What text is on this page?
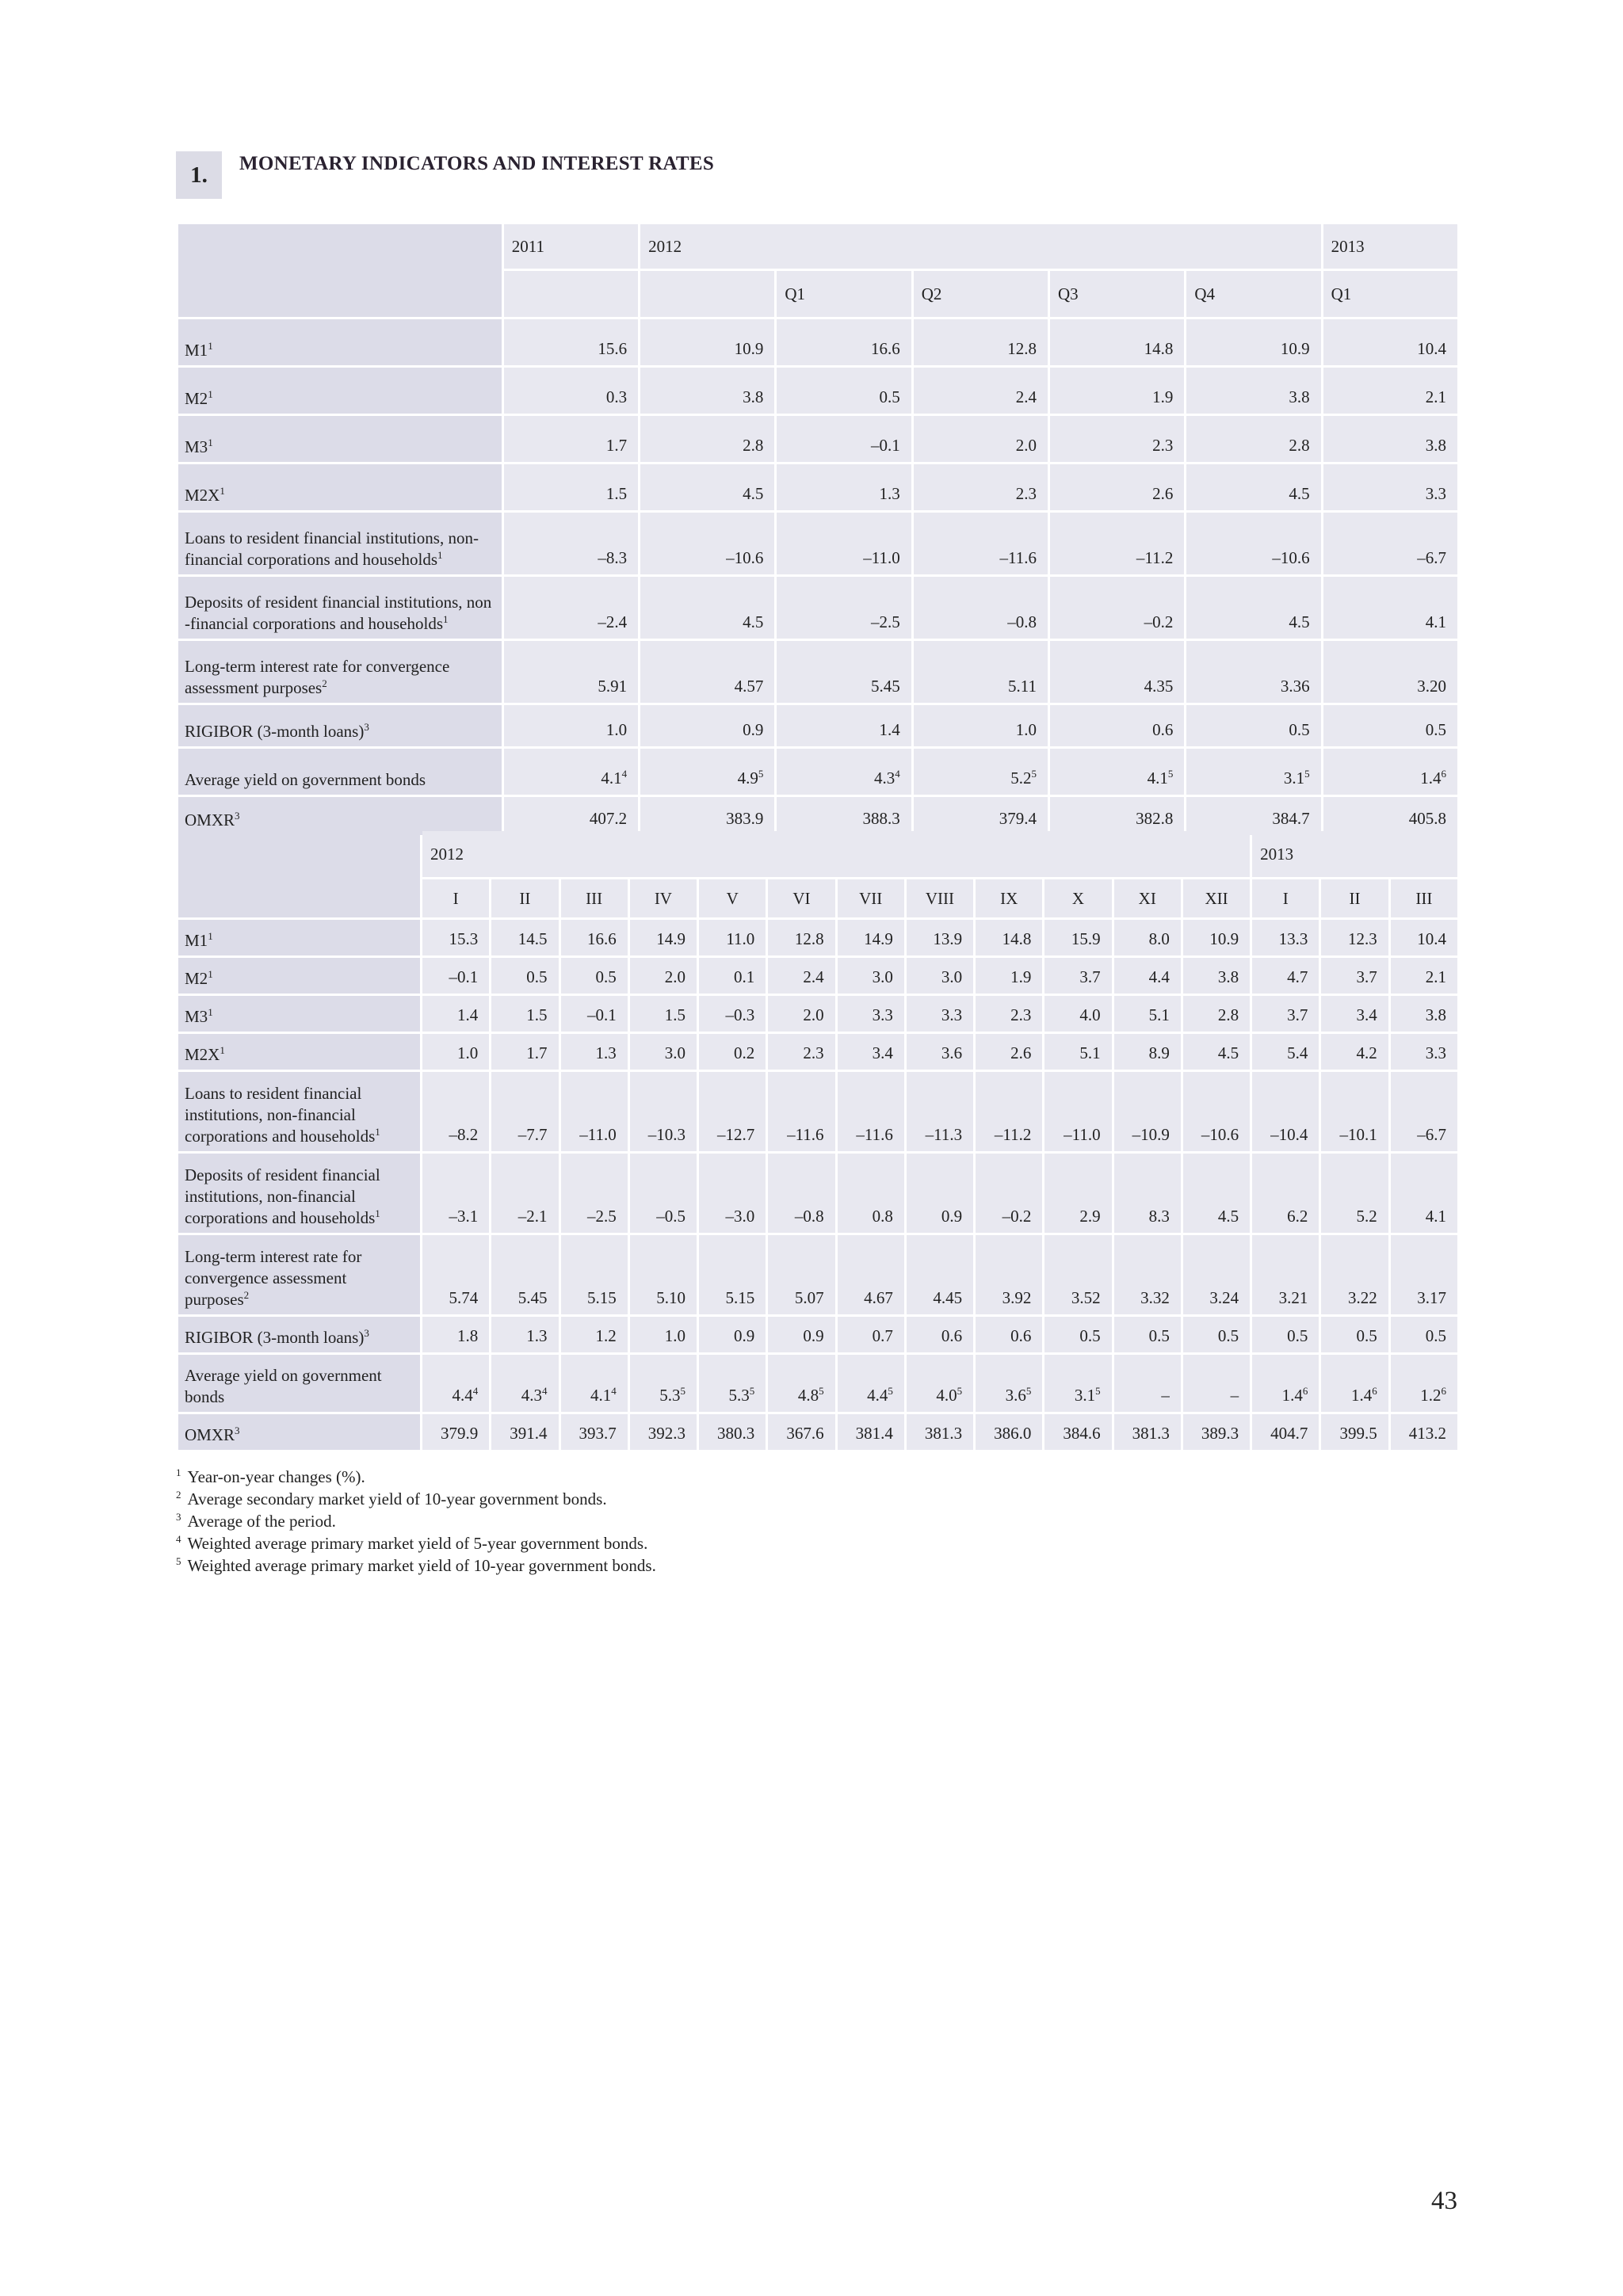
1.	MONETARY INDICATORS AND INTEREST RATES
	2011	2012					2013
			Q1	Q2	Q3	Q4	Q1
$M1^1$	15.6	10.9	16.6	12.8	14.8	10.9	10.4
$M2^1$	0.3	3.8	0.5	2.4	1.9	3.8	2.1
$M3^1$	1.7	2.8	–0.1	2.0	2.3	2.8	3.8
$M2X^1$	1.5	4.5	1.3	2.3	2.6	4.5	3.3
Loans to resident financial institutions, non-financial corporations and households$^1$	–8.3	–10.6	–11.0	–11.6	–11.2	–10.6	–6.7
Deposits of resident financial institutions, non -financial corporations and households$^1$	–2.4	4.5	–2.5	–0.8	–0.2	4.5	4.1
Long-term interest rate for convergence assessment purposes$^2$	5.91	4.57	5.45	5.11	4.35	3.36	3.20
RIGIBOR (3-month loans)$^3$	1.0	0.9	1.4	1.0	0.6	0.5	0.5
Average yield on government bonds	$4.1^4$	$4.9^5$	$4.3^4$	$5.2^5$	$4.1^5$	$3.1^5$	$1.4^6$
OMXR$^3$	407.2	383.9	388.3	379.4	382.8	384.7	405.8
	2012												2013		
	I	II	III	IV	V	VI	VII	VIII	IX	X	XI	XII	I	II	III
$M1^1$	15.3	14.5	16.6	14.9	11.0	12.8	14.9	13.9	14.8	15.9	8.0	10.9	13.3	12.3	10.4
$M2^1$	–0.1	0.5	0.5	2.0	0.1	2.4	3.0	3.0	1.9	3.7	4.4	3.8	4.7	3.7	2.1
$M3^1$	1.4	1.5	–0.1	1.5	–0.3	2.0	3.3	3.3	2.3	4.0	5.1	2.8	3.7	3.4	3.8
$M2X^1$	1.0	1.7	1.3	3.0	0.2	2.3	3.4	3.6	2.6	5.1	8.9	4.5	5.4	4.2	3.3
Loans to resident financial institutions, non-financial corporations and households$^1$	–8.2	–7.7	–11.0	–10.3	–12.7	–11.6	–11.6	–11.3	–11.2	–11.0	–10.9	–10.6	–10.4	–10.1	–6.7
Deposits of resident financial institutions, non-financial corporations and households$^1$	–3.1	–2.1	–2.5	–0.5	–3.0	–0.8	0.8	0.9	–0.2	2.9	8.3	4.5	6.2	5.2	4.1
Long-term interest rate for convergence assessment purposes$^2$	5.74	5.45	5.15	5.10	5.15	5.07	4.67	4.45	3.92	3.52	3.32	3.24	3.21	3.22	3.17
RIGIBOR (3-month loans)$^3$	1.8	1.3	1.2	1.0	0.9	0.9	0.7	0.6	0.6	0.5	0.5	0.5	0.5	0.5	0.5
Average yield on government bonds	$4.4^4$	$4.3^4$	$4.1^4$	$5.3^5$	$5.3^5$	$4.8^5$	$4.4^5$	$4.0^5$	$3.6^5$	$3.1^5$	–	–	$1.4^6$	$1.4^6$	$1.2^6$
OMXR$^3$	379.9	391.4	393.7	392.3	380.3	367.6	381.4	381.3	386.0	384.6	381.3	389.3	404.7	399.5	413.2
$^1$ Year-on-year changes (%).
$^2$ Average secondary market yield of 10-year government bonds.
$^3$ Average of the period.
$^4$ Weighted average primary market yield of 5-year government bonds.
$^5$ Weighted average primary market yield of 10-year government bonds.
43
